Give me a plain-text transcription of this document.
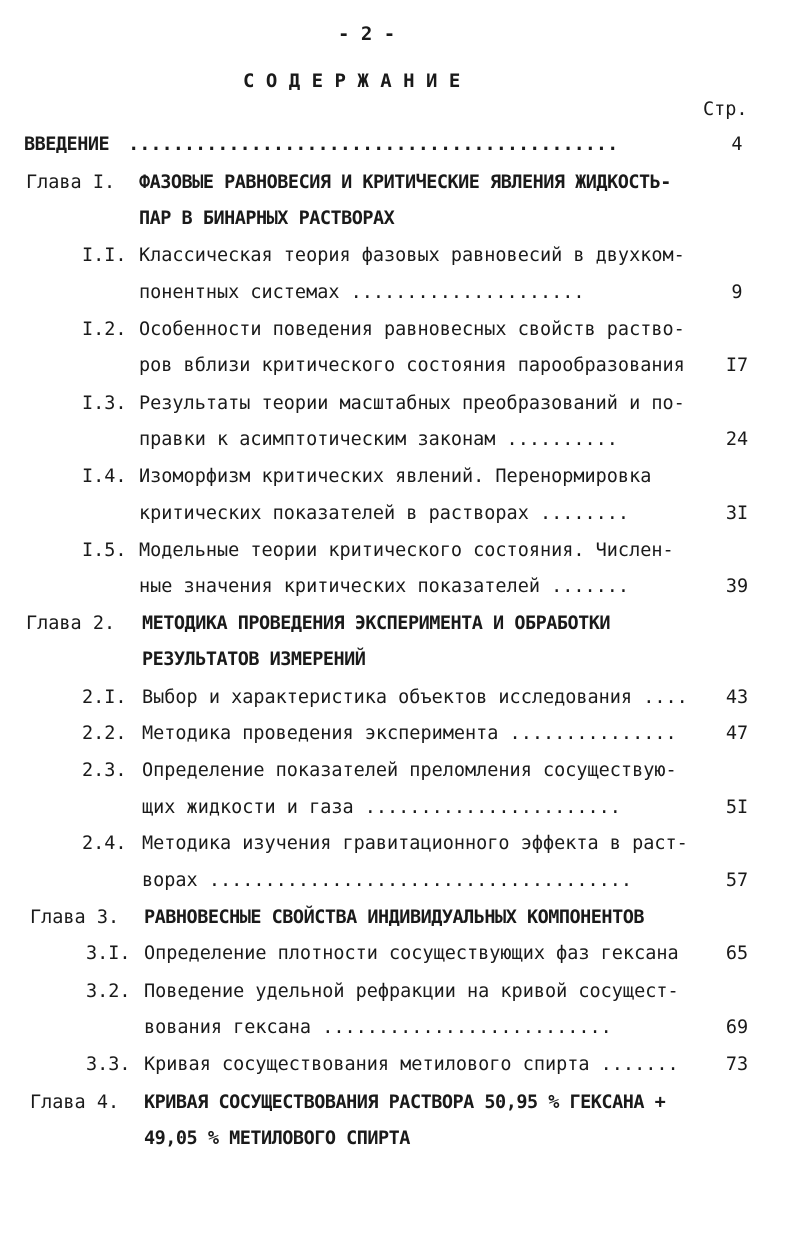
- 2 -
С О Д Е Р Ж А Н И Е
Стр.
ВВЕДЕНИЕ ............................................	4
Глава I. ФАЗОВЫЕ РАВНОВЕСИЯ И КРИТИЧЕСКИЕ ЯВЛЕНИЯ ЖИДКОСТЬ-
ПАР В БИНАРНЫХ РАСТВОРАХ
I.I. Классическая теория фазовых равновесий в двухком-
понентных системах .....................	9
I.2. Особенности поведения равновесных свойств раство-
ров вблизи критического состояния парообразования	I7
I.3. Результаты теории масштабных преобразований и по-
правки к асимптотическим законам ..........	24
I.4. Изоморфизм критических явлений. Перенормировка
критических показателей в растворах ........	3I
I.5. Модельные теории критического состояния. Числен-
ные значения критических показателей .......	39
Глава 2. МЕТОДИКА ПРОВЕДЕНИЯ ЭКСПЕРИМЕНТА И ОБРАБОТКИ
РЕЗУЛЬТАТОВ ИЗМЕРЕНИЙ
2.I. Выбор и характеристика объектов исследования ....	43
2.2. Методика проведения эксперимента ...............	47
2.3. Определение показателей преломления сосуществую-
щих жидкости и газа .......................	5I
2.4. Методика изучения гравитационного эффекта в раст-
ворах ......................................	57
Глава 3. РАВНОВЕСНЫЕ СВОЙСТВА ИНДИВИДУАЛЬНЫХ КОМПОНЕНТОВ
3.I. Определение плотности сосуществующих фаз гексана	65
3.2. Поведение удельной рефракции на кривой сосущест-
вования гексана ..........................	69
3.3. Кривая сосуществования метилового спирта .......	73
Глава 4. КРИВАЯ СОСУЩЕСТВОВАНИЯ РАСТВОРА 50,95 % ГЕКСАНА +
49,05 % МЕТИЛОВОГО СПИРТА
